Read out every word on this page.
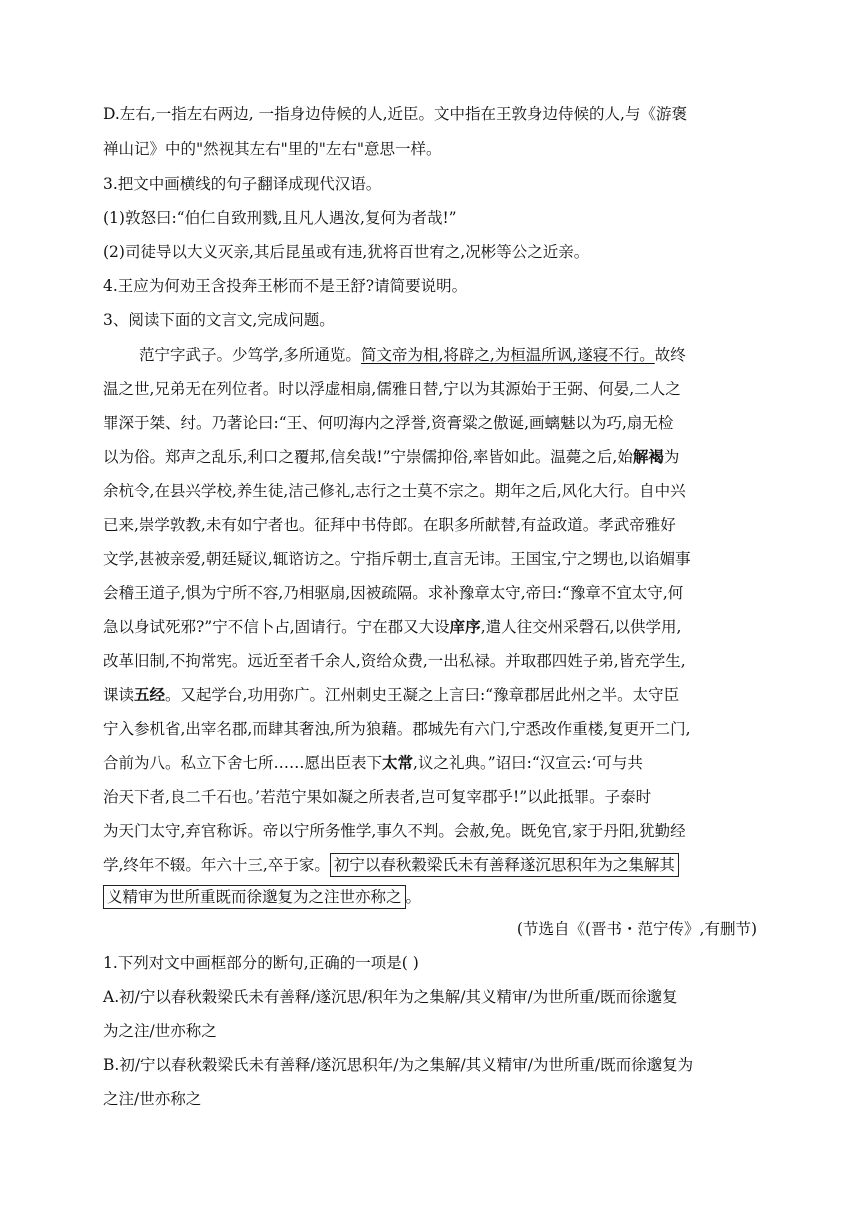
D.左右,一指左右两边, 一指身边侍候的人,近臣。文中指在王敦身边侍候的人,与《游褒
禅山记》中的"然视其左右"里的"左右"意思一样。
3.把文中画横线的句子翻译成现代汉语。
(1)敦怒曰:“伯仁自致刑戮,且凡人遇汝,复何为者哉!”
(2)司徒导以大义灭亲,其后昆虽或有违,犹将百世宥之,况彬等公之近亲。
4.王应为何劝王含投奔王彬而不是王舒?请简要说明。
3、阅读下面的文言文,完成问题。
范宁字武子。少笃学,多所通览。简文帝为相,将辟之,为桓温所讽,遂寝不行。故终
温之世,兄弟无在列位者。时以浮虚相扇,儒雅日替,宁以为其源始于王弼、何晏,二人之
罪深于桀、纣。乃著论曰:“王、何叨海内之浮誉,资膏粱之傲诞,画螭魅以为巧,扇无检
以为俗。郑声之乱乐,利口之覆邦,信矣哉!”宁崇儒抑俗,率皆如此。温薨之后,始解褐为
余杭令,在县兴学校,养生徒,洁己修礼,志行之士莫不宗之。期年之后,风化大行。自中兴
已来,崇学敦教,未有如宁者也。征拜中书侍郎。在职多所献替,有益政道。孝武帝雅好
文学,甚被亲爱,朝廷疑议,辄谘访之。宁指斥朝士,直言无讳。王国宝,宁之甥也,以谄媚事
会稽王道子,惧为宁所不容,乃相驱扇,因被疏隔。求补豫章太守,帝曰:“豫章不宜太守,何
急以身试死邪?”宁不信卜占,固请行。宁在郡又大设庠序,遣人往交州采磬石,以供学用,
改革旧制,不拘常宪。远近至者千余人,资给众费,一出私禄。并取郡四姓子弟,皆充学生,
课读五经。又起学台,功用弥广。江州刺史王凝之上言曰:“豫章郡居此州之半。太守臣
宁入参机省,出宰名郡,而肆其奢浊,所为狼藉。郡城先有六门,宁悉改作重楼,复更开二门,
合前为八。私立下舍七所……愿出臣表下太常,议之礼典。”诏曰:“汉宣云:‘可与共
治天下者,良二千石也。’若范宁果如凝之所表者,岂可复宰郡乎!”以此抵罪。子泰时
为天门太守,弃官称诉。帝以宁所务惟学,事久不判。会赦,免。既免官,家于丹阳,犹勤经
学,终年不辍。年六十三,卒于家。 初宁以春秋穀梁氏未有善释遂沉思积年为之集解其
义精审为世所重既而徐邈复为之注世亦称之 。
(节选自《(晋书・范宁传》,有删节)
1.下列对文中画框部分的断句,正确的一项是( )
A.初/宁以春秋穀梁氏未有善释/遂沉思/积年为之集解/其义精审/为世所重/既而徐邈复
为之注/世亦称之
B.初/宁以春秋穀梁氏未有善释/遂沉思积年/为之集解/其义精审/为世所重/既而徐邈复为
之注/世亦称之
